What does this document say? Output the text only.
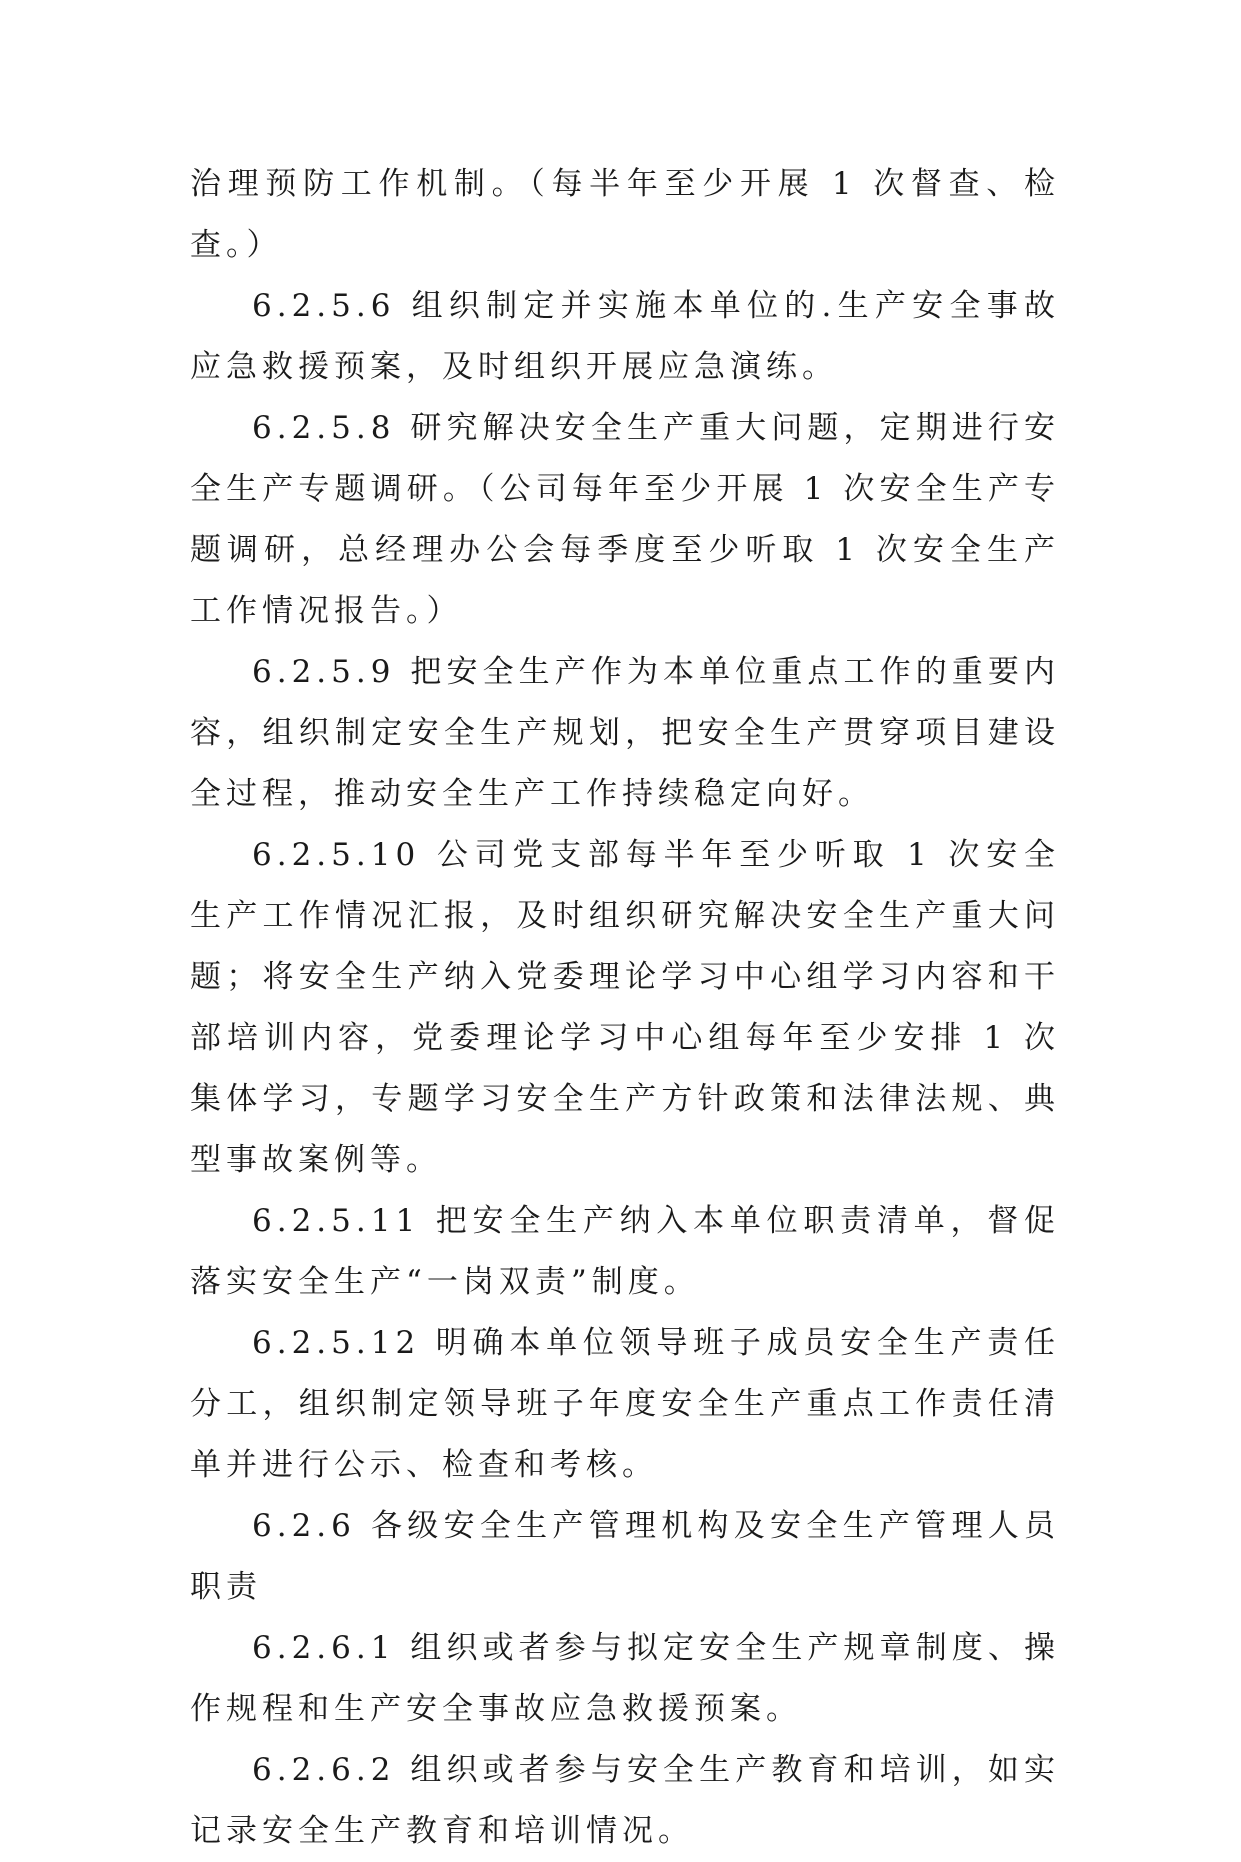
治理预防工作机制。（每半年至少开展 1 次督查、检查。）

6.2.5.6 组织制定并实施本单位的.生产安全事故应急救援预案，及时组织开展应急演练。

6.2.5.8 研究解决安全生产重大问题，定期进行安全生产专题调研。（公司每年至少开展 1 次安全生产专题调研，总经理办公会每季度至少听取 1 次安全生产工作情况报告。）

6.2.5.9 把安全生产作为本单位重点工作的重要内容，组织制定安全生产规划，把安全生产贯穿项目建设全过程，推动安全生产工作持续稳定向好。

6.2.5.10 公司党支部每半年至少听取 1 次安全生产工作情况汇报，及时组织研究解决安全生产重大问题；将安全生产纳入党委理论学习中心组学习内容和干部培训内容，党委理论学习中心组每年至少安排 1 次集体学习，专题学习安全生产方针政策和法律法规、典型事故案例等。

6.2.5.11 把安全生产纳入本单位职责清单，督促落实安全生产“一岗双责”制度。

6.2.5.12 明确本单位领导班子成员安全生产责任分工，组织制定领导班子年度安全生产重点工作责任清单并进行公示、检查和考核。

6.2.6 各级安全生产管理机构及安全生产管理人员职责

6.2.6.1 组织或者参与拟定安全生产规章制度、操作规程和生产安全事故应急救援预案。

6.2.6.2 组织或者参与安全生产教育和培训，如实记录安全生产教育和培训情况。
